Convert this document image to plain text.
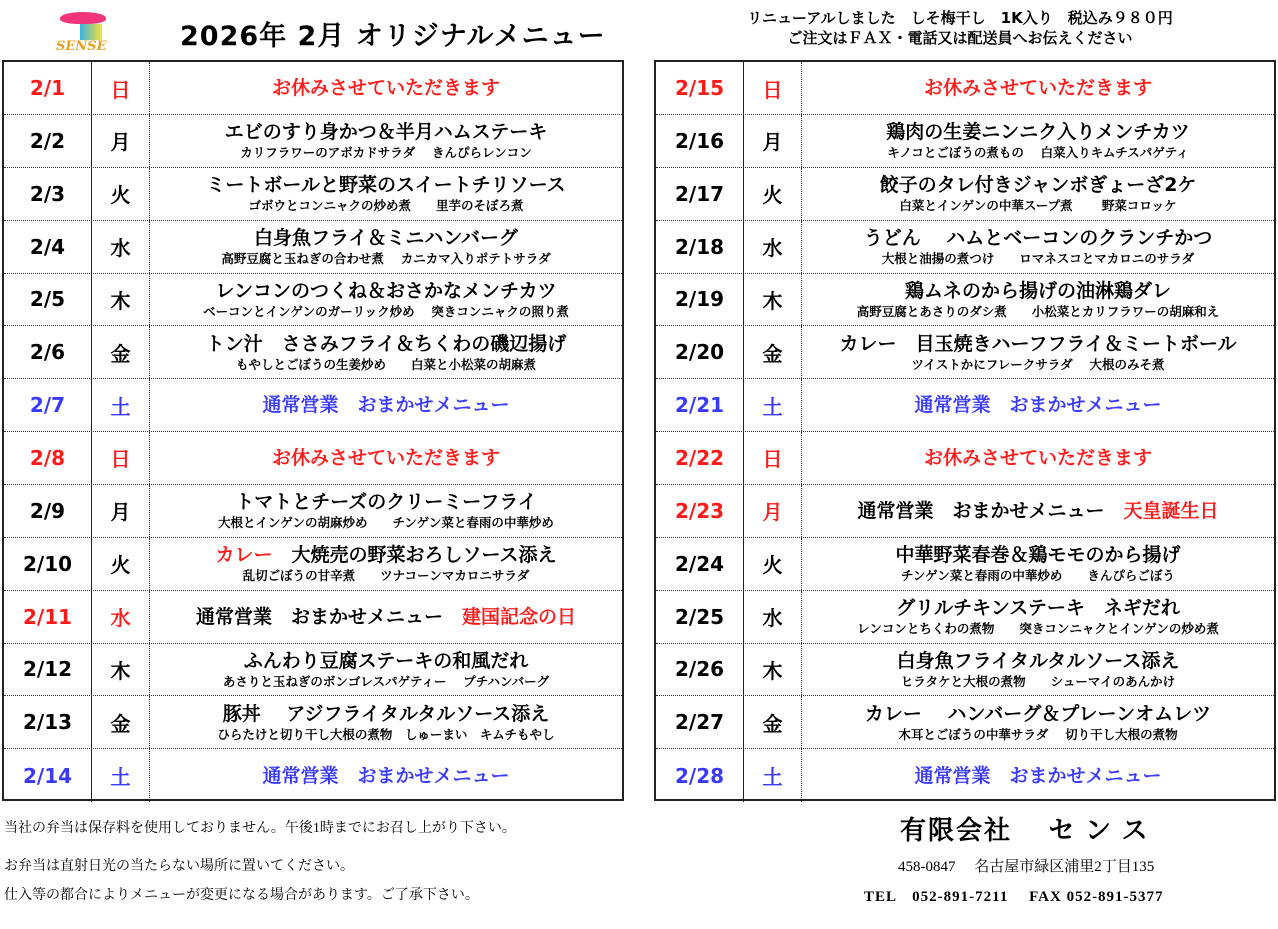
SENSE	2026年 2月 オリジナルメニュー
リニューアルしました　しそ梅干し　1K入り　税込み９８０円
ご注文はＦＡＸ・電話又は配送員へお伝えください
2/1	日	お休みさせていただきます
2/2	月	エビのすり身かつ＆半月ハムステーキ
カリフラワーのアボカドサラダ　 きんぴらレンコン
2/3	火	ミートボールと野菜のスイートチリソース
ゴボウとコンニャクの炒め煮　　里芋のそぼろ煮
2/4	水	白身魚フライ＆ミニハンバーグ
高野豆腐と玉ねぎの合わせ煮　 カニカマ入りポテトサラダ
2/5	木	レンコンのつくね＆おさかなメンチカツ
ベーコンとインゲンのガーリック炒め　 突きコンニャクの照り煮
2/6	金	トン汁　ささみフライ＆ちくわの磯辺揚げ
もやしとごぼうの生姜炒め　　白菜と小松菜の胡麻煮
2/7	土	通常営業　おまかせメニュー
2/8	日	お休みさせていただきます
2/9	月	トマトとチーズのクリーミーフライ
大根とインゲンの胡麻炒め　　チンゲン菜と春雨の中華炒め
2/10	火	カレー　大焼売の野菜おろしソース添え
乱切ごぼうの甘辛煮　　ツナコーンマカロニサラダ
2/11	水	通常営業　おまかせメニュー　建国記念の日
2/12	木	ふんわり豆腐ステーキの和風だれ
あさりと玉ねぎのボンゴレスパゲティー　 プチハンバーグ
2/13	金	豚丼　 アジフライタルタルソース添え
ひらたけと切り干し大根の煮物　しゅーまい　キムチもやし
2/14	土	通常営業　おまかせメニュー
2/15	日	お休みさせていただきます
2/16	月	鶏肉の生姜ニンニク入りメンチカツ
キノコとごぼうの煮もの　 白菜入りキムチスパゲティ
2/17	火	餃子のタレ付きジャンボぎょーざ2ケ
白菜とインゲンの中華スープ煮　　 野菜コロッケ
2/18	水	うどん　 ハムとベーコンのクランチかつ
大根と油揚の煮つけ　　ロマネスコとマカロニのサラダ
2/19	木	鶏ムネのから揚げの油淋鶏ダレ
高野豆腐とあさりのダシ煮　　小松菜とカリフラワーの胡麻和え
2/20	金	カレー　目玉焼きハーフフライ＆ミートボール
ツイストかにフレークサラダ　 大根のみそ煮
2/21	土	通常営業　おまかせメニュー
2/22	日	お休みさせていただきます
2/23	月	通常営業　おまかせメニュー　天皇誕生日
2/24	火	中華野菜春巻＆鶏モモのから揚げ
チンゲン菜と春雨の中華炒め　　きんぴらごぼう
2/25	水	グリルチキンステーキ　ネギだれ
レンコンとちくわの煮物　　突きコンニャクとインゲンの炒め煮
2/26	木	白身魚フライタルタルソース添え
ヒラタケと大根の煮物　　シューマイのあんかけ
2/27	金	カレー　 ハンバーグ＆プレーンオムレツ
木耳とごぼうの中華サラダ　 切り干し大根の煮物
2/28	土	通常営業　おまかせメニュー
当社の弁当は保存料を使用しておりません。午後1時までにお召し上がり下さい。
お弁当は直射日光の当たらない場所に置いてください。
仕入等の都合によりメニューが変更になる場合があります。ご了承下さい。
有限会社　 セ ン ス
458-0847　 名古屋市緑区浦里2丁目135
TEL　052-891-7211　 FAX 052-891-5377
